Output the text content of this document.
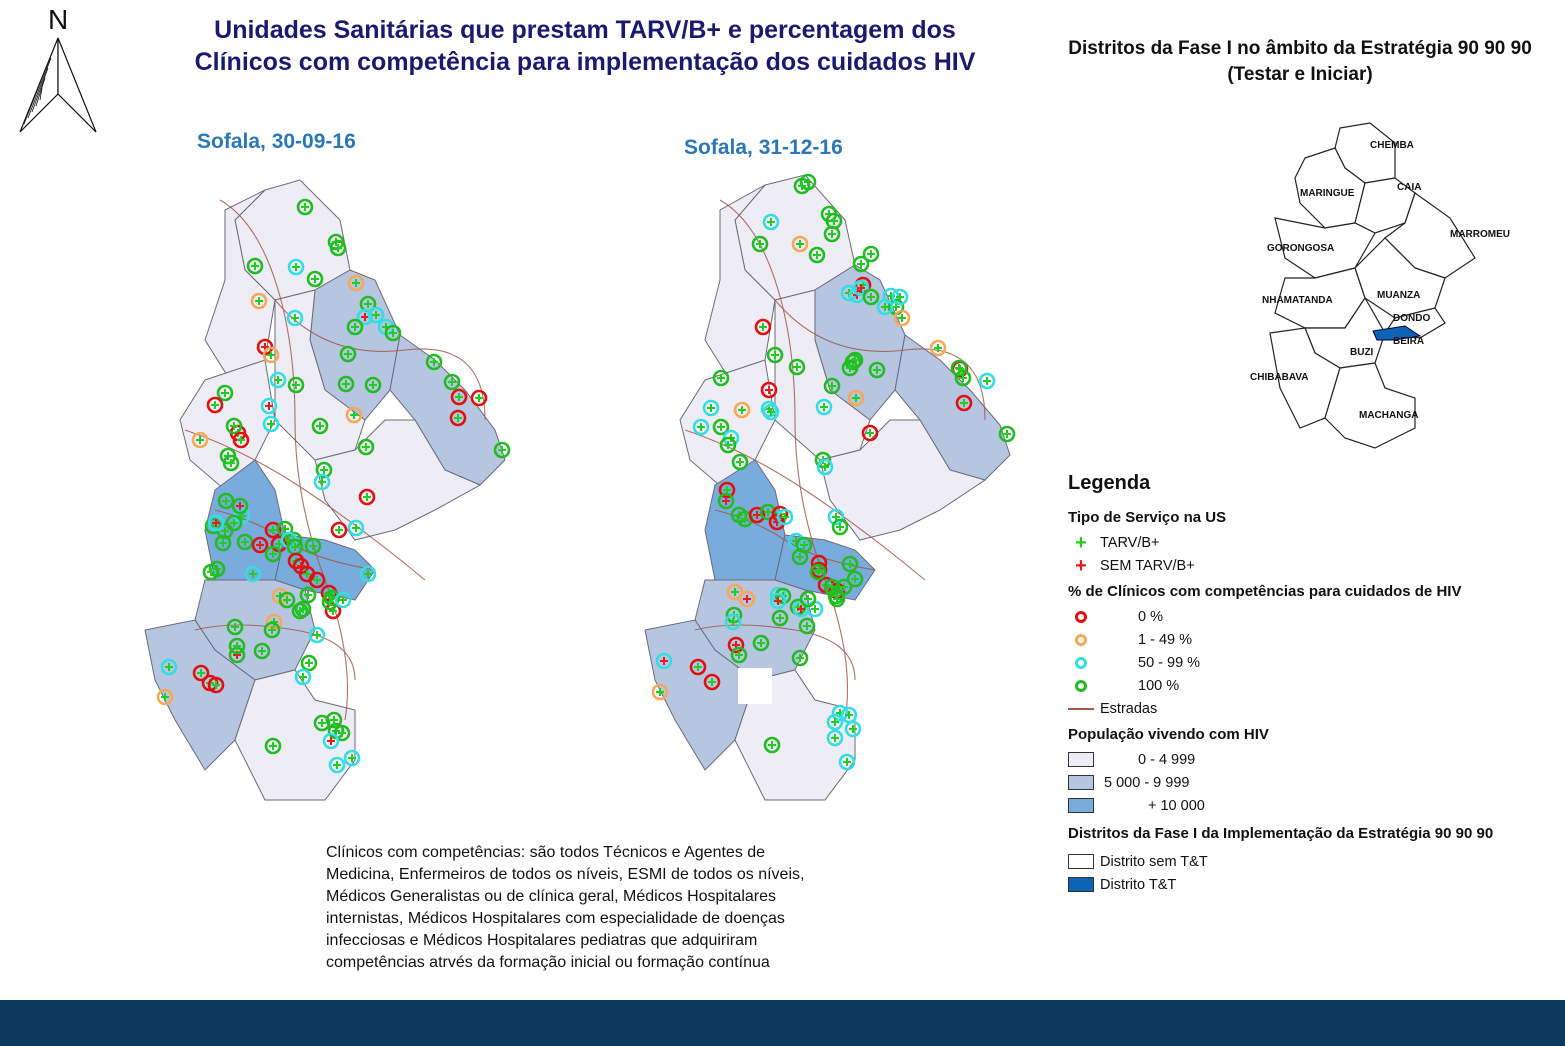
N	Unidades Sanitárias que prestam TARV/B+ e percentagem dos Clínicos com competência para implementação dos cuidados HIV
Sofala, 30-09-16	Sofala, 31-12-16
Distritos da Fase I no âmbito da Estratégia 90 90 90 (Testar e Iniciar)
CHEMBA
MARINGUE
CAIA
MARROMEU
GORONGOSA
NHAMATANDA	MUANZA
DONDO
BEIRA
BUZI
CHIBABAVA
MACHANGA
Legenda
Tipo de Serviço na US
+ TARV/B+
+ SEM TARV/B+
% de Clínicos com competências para cuidados de HIV
0 %
1 - 49 %
50 - 99 %
100 %
Estradas
População vivendo com HIV
0 - 4 999
5 000 - 9 999
+ 10 000
Distritos da Fase I da Implementação da Estratégia 90 90 90
Distrito sem T&T
Distrito T&T
Clínicos com competências: são todos Técnicos e Agentes de Medicina, Enfermeiros de todos os níveis, ESMI de todos os níveis, Médicos Generalistas ou de clínica geral, Médicos Hospitalares internistas, Médicos Hospitalares com especialidade de doenças infecciosas e Médicos Hospitalares pediatras que adquiriram competências atrvés da formação inicial ou formação contínua
